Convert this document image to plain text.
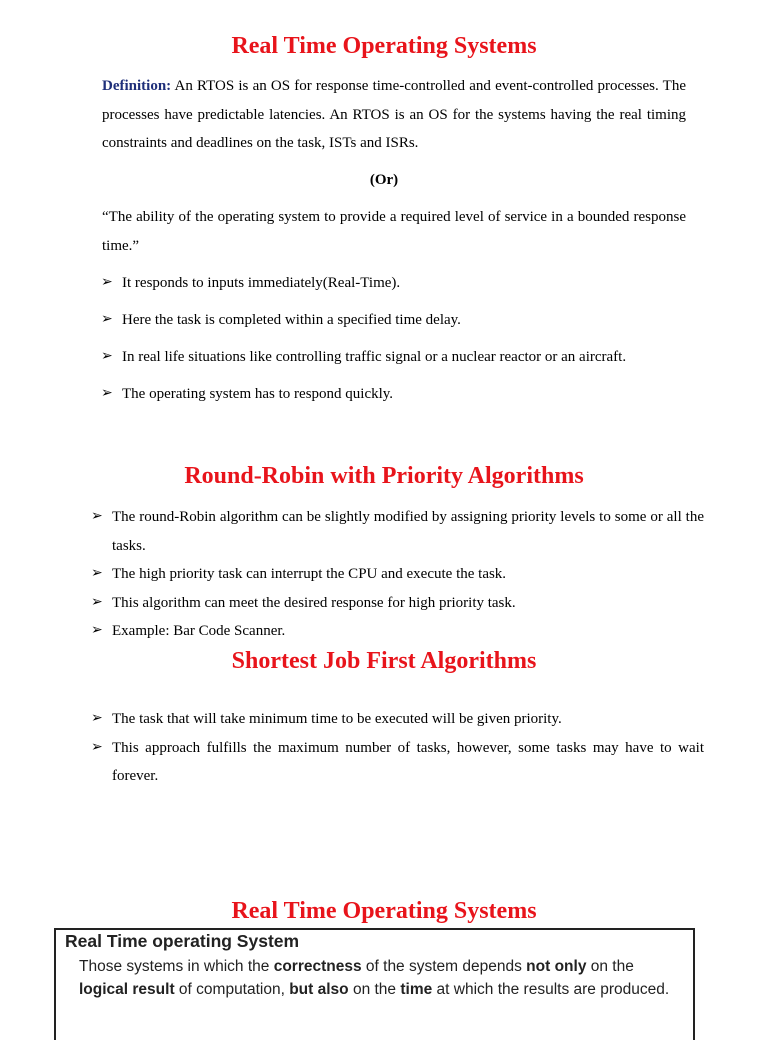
Real Time Operating Systems

Definition: An RTOS is an OS for response time-controlled and event-controlled processes. The processes have predictable latencies. An RTOS is an OS for the systems having the real timing constraints and deadlines on the task, ISTs and ISRs.

(Or)

“The ability of the operating system to provide a required level of service in a bounded response time.”

➢ It responds to inputs immediately(Real-Time).
➢ Here the task is completed within a specified time delay.
➢ In real life situations like controlling traffic signal or a nuclear reactor or an aircraft.
➢ The operating system has to respond quickly.
Round-Robin with Priority Algorithms
➢ The round-Robin algorithm can be slightly modified by assigning priority levels to some or all the tasks.
➢ The high priority task can interrupt the CPU and execute the task.
➢ This algorithm can meet the desired response for high priority task.
➢ Example: Bar Code Scanner.
Shortest Job First Algorithms
➢ The task that will take minimum time to be executed will be given priority.
➢ This approach fulfills the maximum number of tasks, however, some tasks may have to wait forever.
Real Time Operating Systems

Real Time operating System

Those systems in which the correctness of the system depends not only on the logical result of computation, but also on the time at which the results are produced.
